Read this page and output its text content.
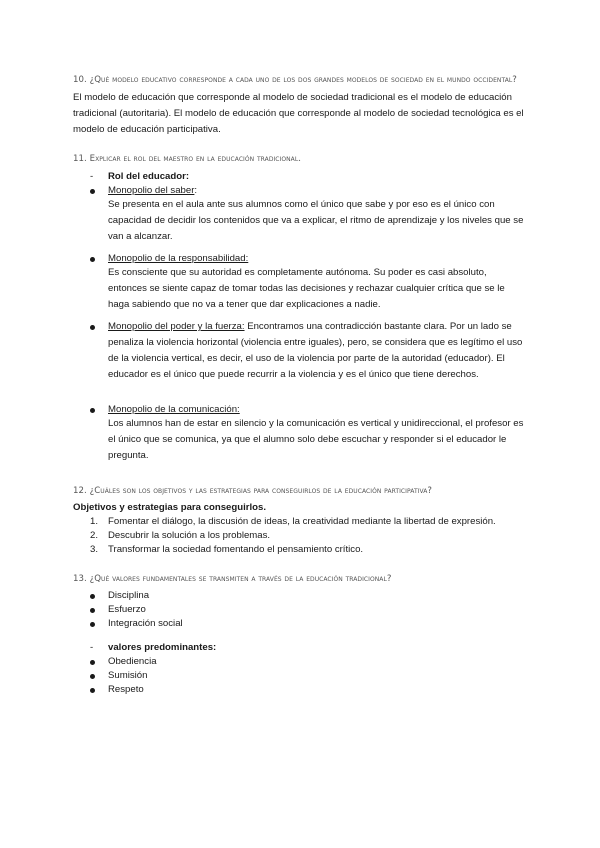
10. ¿Qué modelo educativo corresponde a cada uno de los dos grandes modelos de sociedad en el mundo occidental?
El modelo de educación que corresponde al modelo de sociedad tradicional es el modelo de educación tradicional (autoritaria). El modelo de educación que corresponde al modelo de sociedad tecnológica es el modelo de educación participativa.
11. Explicar el rol del maestro en la educación tradicional.
- Rol del educador:
Monopolio del saber:
Se presenta en el aula ante sus alumnos como el único que sabe y por eso es el único con capacidad de decidir los contenidos que va a explicar, el ritmo de aprendizaje y los niveles que se van a alcanzar.
Monopolio de la responsabilidad:
Es consciente que su autoridad es completamente autónoma. Su poder es casi absoluto, entonces se siente capaz de tomar todas las decisiones y rechazar cualquier crítica que se le haga sabiendo que no va a tener que dar explicaciones a nadie.
Monopolio del poder y la fuerza: Encontramos una contradicción bastante clara. Por un lado se penaliza la violencia horizontal (violencia entre iguales), pero, se considera que es legítimo el uso de la violencia vertical, es decir, el uso de la violencia por parte de la autoridad (educador). El educador es el único que puede recurrir a la violencia y es el único que tiene derechos.
Monopolio de la comunicación:
Los alumnos han de estar en silencio y la comunicación es vertical y unidireccional, el profesor es el único que se comunica, ya que el alumno solo debe escuchar y responder si el educador le pregunta.
12. ¿Cuáles son los objetivos y las estrategias para conseguirlos de la educación participativa?
Objetivos y estrategias para conseguirlos.
1. Fomentar el diálogo, la discusión de ideas, la creatividad mediante la libertad de expresión.
2. Descubrir la solución a los problemas.
3. Transformar la sociedad fomentando el pensamiento crítico.
13. ¿Qué valores fundamentales se transmiten a través de la educación tradicional?
Disciplina
Esfuerzo
Integración social
- valores predominantes:
Obediencia
Sumisión
Respeto
